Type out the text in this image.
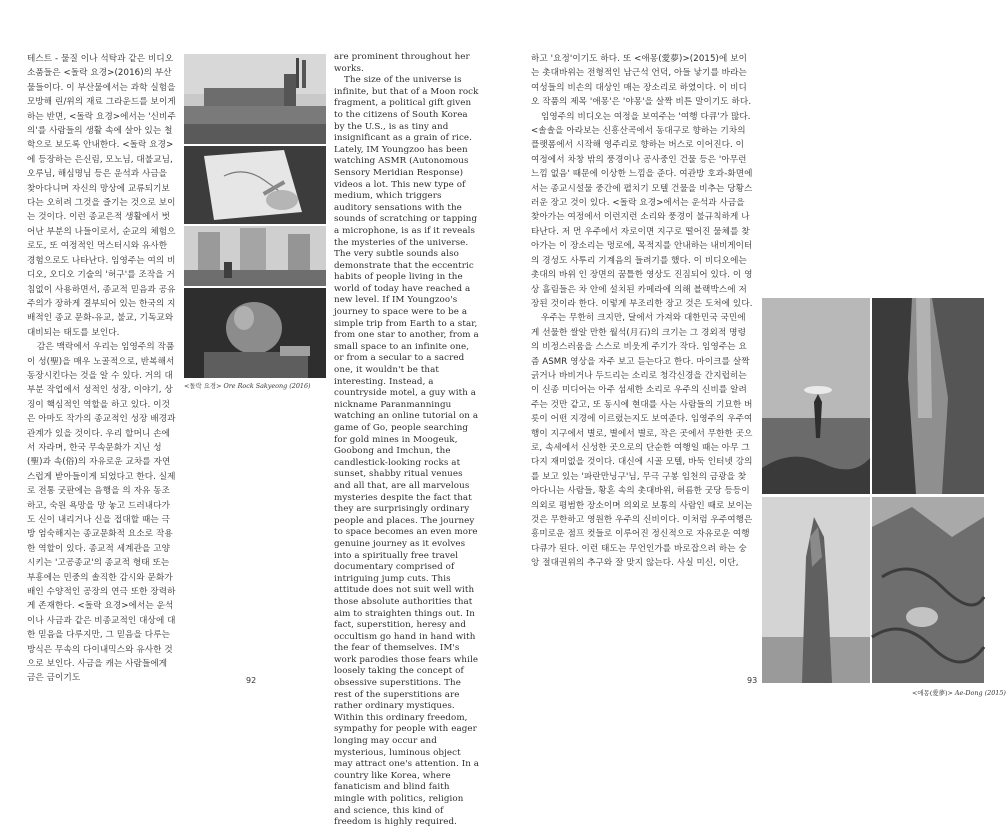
테스트 - 물질 이나 석탁과 같은 비디오 소품들은 <돌락 요경>(2016)의 부산물들이다. 이 부산물에서는 과학 실험을 모방해 린/위의 재료 그라운드를 보이게 하는 반면, <돌락 요경>에서는 '신비주의'를 사람들의 생활 속에 살아 있는 철학으로 보도록 안내한다. <돌락 요경>에 등장하는 은신림, 모노님, 대불교님, 오루님, 해심명님 등은 운석과 사금을 찾아다니며 자신의 망상에 교류되기보다는 오히려 그것을 즐기는 것으로 보이는 것이다. 이런 종교은적 생활에서 벗어난 부분의 나들이로서, 순교의 체험으로도, 또 여정적인 먹스터시와 유사한 경험으로도 나타난다. 임영주는 여의 비디오, 오디오 기술의 '허구'를 조작을 거침없이 사용하면서, 종교적 믿음과 공유주의가 장하게 결부되어 있는 한국의 지배적인 종교 문화-유교, 불교, 기독교와 대비되는 태도를 보인다.

감은 맥락에서 우리는 임영주의 작품이 성(聖)을 매우 노골적으로, 반복해서 동장시킨다는 것을 알 수 있다. 거의 대부분 작업에서 성적인 성장, 이야기, 상징이 핵심적인 역할을 하고 있다. 이것은 아마도 작가의 종교적인 성장 배경과 관계가 있을 것이다. 우리 할머니 손에서 자라며, 한국 무속문화가 지닌 성(聖)과 속(俗)의 자유로운 교차를 자연스럽게 받아들이게 되었다고 한다. 실제로 전통 굿판에는 음행을 의 자유 동조하고, 숙원 욕망을 망 놓고 드러내다가도 신이 내리거나 신을 접대할 때는 극방 엄숙해지는 종교문화적 요소로 작용한 역할이 있다. 종교적 세계관을 고양시키는 '고공종교'의 종교적 형태 또는 부흥에는 민중의 솔직한 감시와 문화가 배인 수양적인 공장의 연극 또한 장력하게 존재한다. <돌락 요경>에서는 운석이나 사금과 같은 비종교적인 대상에 대한 믿음을 다루지만, 그 믿음을 다루는 방식은 무속의 다이내믹스와 유사한 것으로 보인다. 사금을 캐는 사람들에게 금은 금이기도

<돌락 요경> Ore Rock Sakyeong (2016)

are prominent throughout her works.

The size of the universe is infinite, but that of a Moon rock fragment, a political gift given to the citizens of South Korea by the U.S., is as tiny and insignificant as a grain of rice. Lately, IM Youngzoo has been watching ASMR (Autonomous Sensory Meridian Response) videos a lot. This new type of medium, which triggers auditory sensations with the sounds of scratching or tapping a microphone, is as if it reveals the mysteries of the universe. The very subtle sounds also demonstrate that the eccentric habits of people living in the world of today have reached a new level. If IM Youngzoo's journey to space were to be a simple trip from Earth to a star, from one star to another, from a small space to an infinite one, or from a secular to a sacred one, it wouldn't be that interesting. Instead, a countryside motel, a guy with a nickname Paranmanningu watching an online tutorial on a game of Go, people searching for gold mines in Moogeuk, Goobong and Imchun, the candlestick-looking rocks at sunset, shabby ritual venues and all that, are all marvelous mysteries despite the fact that they are surprisingly ordinary people and places. The journey to space becomes an even more genuine journey as it evolves into a spiritually free travel documentary comprised of intriguing jump cuts. This attitude does not suit well with those absolute authorities that aim to straighten things out. In fact, superstition, heresy and occultism go hand in hand with the fear of themselves. IM's work parodies those fears while loosely taking the concept of obsessive superstitions. The rest of the superstitions are rather ordinary mystiques. Within this ordinary freedom, sympathy for people with eager longing may occur and mysterious, luminous object may attract one's attention. In a country like Korea, where fanaticism and blind faith mingle with politics, religion and science, this kind of freedom is highly required.

92

하고 '요정'이기도 하다. 또 <애몽(愛夢)>(2015)에 보이는 촛대바위는 전형적인 남근석 언덕, 아들 낳기를 바라는 여성들의 비손의 대상인 매는 장소리로 하였이다. 이 비디오 작품의 제목 '애몽'은 '야몽'을 살짝 비튼 말이기도 하다.

임영주의 비디오는 여정을 보여주는 '여행 다큐'가 많다. <솔솔을 아라보는 신흥산곡에서 동대구로 향하는 기차의 플랫폼에서 시작해 영주리로 향하는 버스로 이어진다. 이 여정에서 차창 밖의 풍경이나 공사중인 건물 등은 '아무런 느낌 없음' 때문에 이상한 느낌을 준다. 여관방 호과-화면에서는 종교시설물 중간에 펼치기 모텔 건물을 비추는 당황스러운 장고 것이 있다. <돌락 요경>에서는 운석과 사금을 찾아가는 여정에서 이런지런 소리와 풍경이 불규칙하게 나타난다. 저 먼 우주에서 자로이면 지구로 떨어진 물체를 찾아가는 이 장소리는 멍로에, 목적지를 안내하는 내비게이터의 경성도 사투리 기계음의 들려기를 했다. 이 비디오에는 촛대의 바위 인 장면의 꿈틀한 영상도 진짐되어 있다. 이 영상 흘림들은 차 안에 설치된 카메라에 의해 블랙박스에 저장된 것이라 한다. 이렇게 부조리한 장고 것은 도처에 있다.

우주는 무한히 크지만, 달에서 가져와 대한민국 국민에게 선물한 쌀알 만한 월석(月石)의 크기는 그 경외적 명령의 비정스러움을 스스로 비웃게 주기가 작다. 임영주는 요즘 ASMR 영상을 자주 보고 듣는다고 한다. 마이크를 살짝 긁거나 바비거나 두드리는 소리로 청각신경을 간지럽히는 이 신종 미디어는 아주 섬세한 소리로 우주의 신비를 알려주는 것만 같고, 또 동시에 현대를 사는 사람들의 기묘한 버릇이 어떤 지경에 이르렀는지도 보여준다. 임영주의 우주여행이 지구에서 별로, 별에서 별로, 작은 곳에서 무한한 곳으로, 속세에서 신성한 곳으로의 단순한 여행일 때는 아무 그다지 재미없을 것이다. 대신에 시골 모텔, 바둑 인터넷 강의를 보고 있는 '파란만닝구'님, 무극 구봉 임천의 금광을 찾아다니는 사람들, 황혼 속의 촛대바위, 허름한 굿당 등등이 의외로 평범한 장소이며 의외로 보통의 사람인 때로 보이는 것은 무한하고 영원한 우주의 신비이다. 이처럼 우주여행은 흥미로운 점프 컷들로 이루어진 정신적으로 자유로운 여행 다큐가 된다. 이런 태도는 무언인가를 바로잡으려 하는 숭앙 절대권위의 추구와 잘 맞지 않는다. 사실 미신, 이단,

93
<애몽(愛夢)> Ae-Dong (2015)
